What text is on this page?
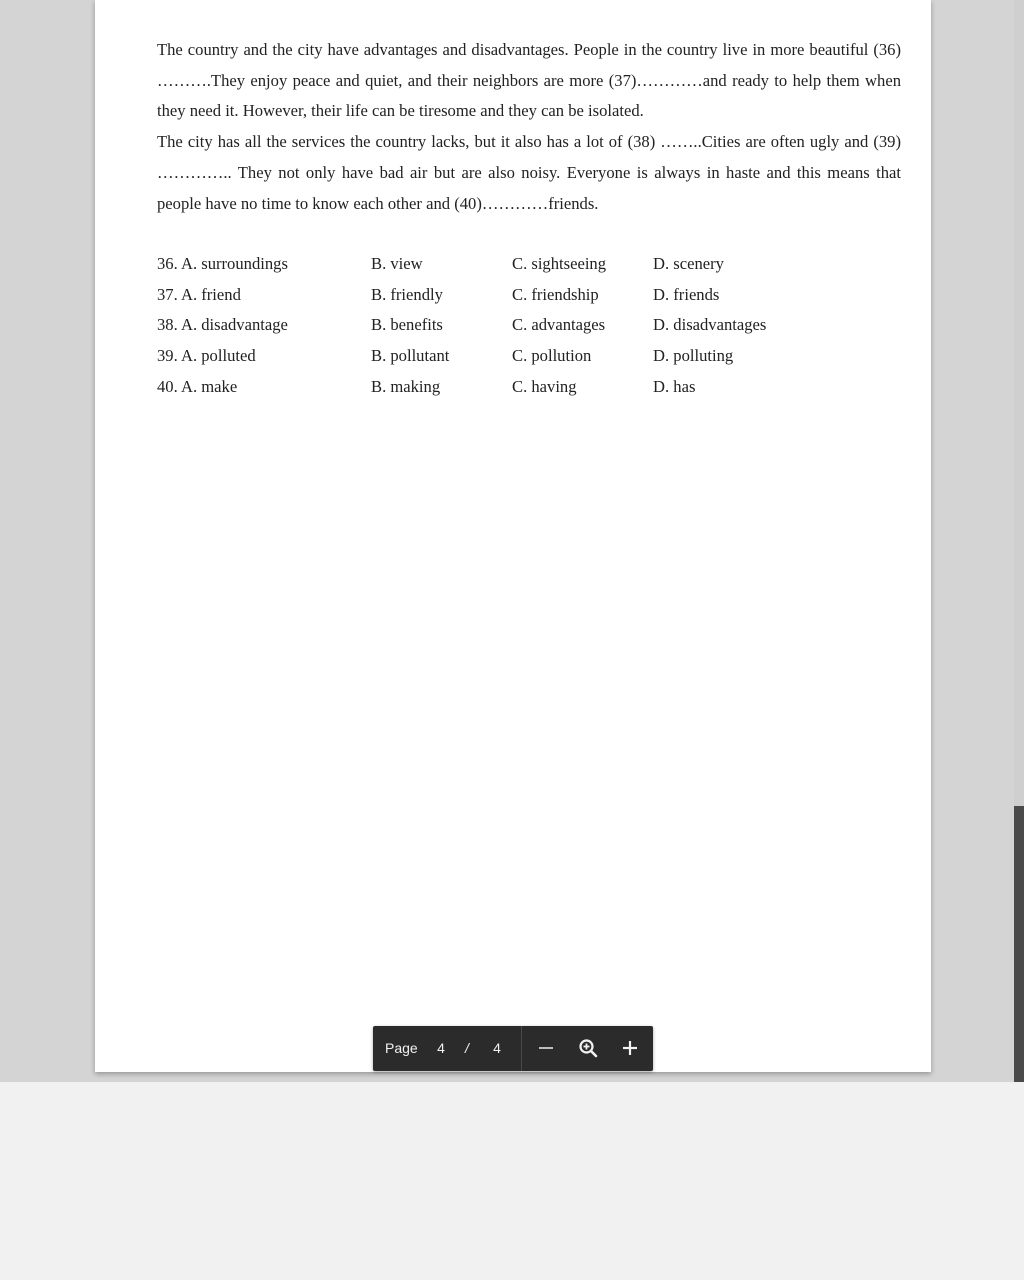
The country and the city have advantages and disadvantages. People in the country live in more beautiful (36) ……….They enjoy peace and quiet, and their neighbors are more (37)…………and ready to help them when they need it. However, their life can be tiresome and they can be isolated.

The city has all the services the country lacks, but it also has a lot of (38) ……..Cities are often ugly and (39) ………….. They not only have bad air but are also noisy. Everyone is always in haste and this means that people have no time to know each other and (40)…………friends.

36. A. surroundings	B. view	C. sightseeing	D. scenery
37. A. friend	B. friendly	C. friendship	D. friends
38. A. disadvantage	B. benefits	C. advantages	D. disadvantages
39. A. polluted	B. pollutant	C. pollution	D. polluting
40. A. make	B. making	C. having	D. has
Page 4	/	4
